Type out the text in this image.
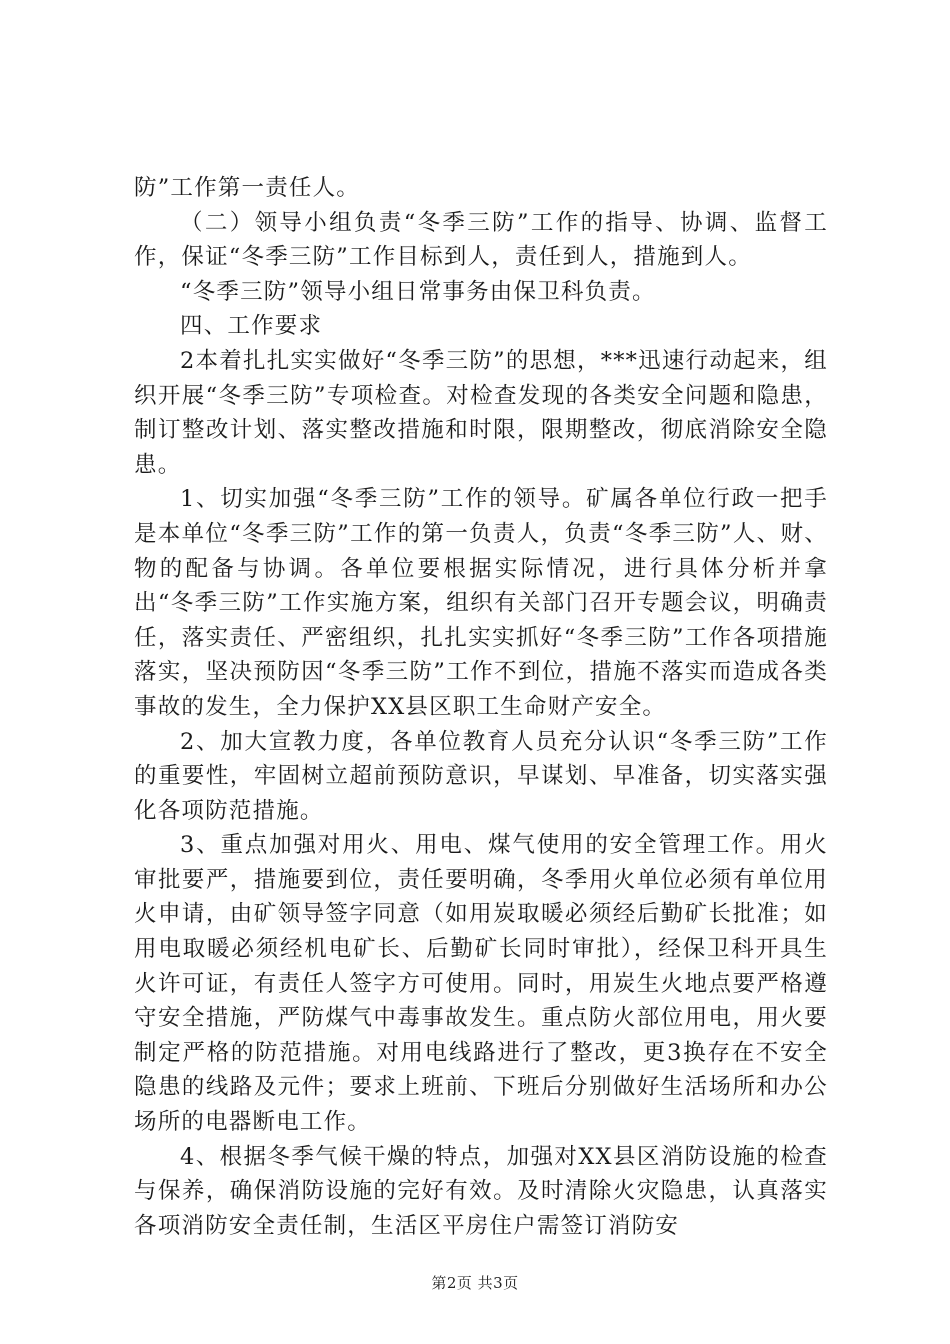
防”工作第一责任人。

（二）领导小组负责“冬季三防”工作的指导、协调、监督工作，保证“冬季三防”工作目标到人，责任到人，措施到人。

“冬季三防”领导小组日常事务由保卫科负责。

四、工作要求

2本着扎扎实实做好“冬季三防”的思想，***迅速行动起来，组织开展“冬季三防”专项检查。对检查发现的各类安全问题和隐患，制订整改计划、落实整改措施和时限，限期整改，彻底消除安全隐患。

1、切实加强“冬季三防”工作的领导。矿属各单位行政一把手是本单位“冬季三防”工作的第一负责人，负责“冬季三防”人、财、物的配备与协调。各单位要根据实际情况，进行具体分析并拿出“冬季三防”工作实施方案，组织有关部门召开专题会议，明确责任，落实责任、严密组织，扎扎实实抓好“冬季三防”工作各项措施落实，坚决预防因“冬季三防”工作不到位，措施不落实而造成各类事故的发生，全力保护XX县区职工生命财产安全。

2、加大宣教力度，各单位教育人员充分认识“冬季三防”工作的重要性，牢固树立超前预防意识，早谋划、早准备，切实落实强化各项防范措施。

3、重点加强对用火、用电、煤气使用的安全管理工作。用火审批要严，措施要到位，责任要明确，冬季用火单位必须有单位用火申请，由矿领导签字同意（如用炭取暖必须经后勤矿长批准；如用电取暖必须经机电矿长、后勤矿长同时审批），经保卫科开具生火许可证，有责任人签字方可使用。同时，用炭生火地点要严格遵守安全措施，严防煤气中毒事故发生。重点防火部位用电，用火要制定严格的防范措施。对用电线路进行了整改，更3换存在不安全隐患的线路及元件；要求上班前、下班后分别做好生活场所和办公场所的电器断电工作。

4、根据冬季气候干燥的特点，加强对XX县区消防设施的检查与保养，确保消防设施的完好有效。及时清除火灾隐患，认真落实各项消防安全责任制，生活区平房住户需签订消防安

第2页 共3页
